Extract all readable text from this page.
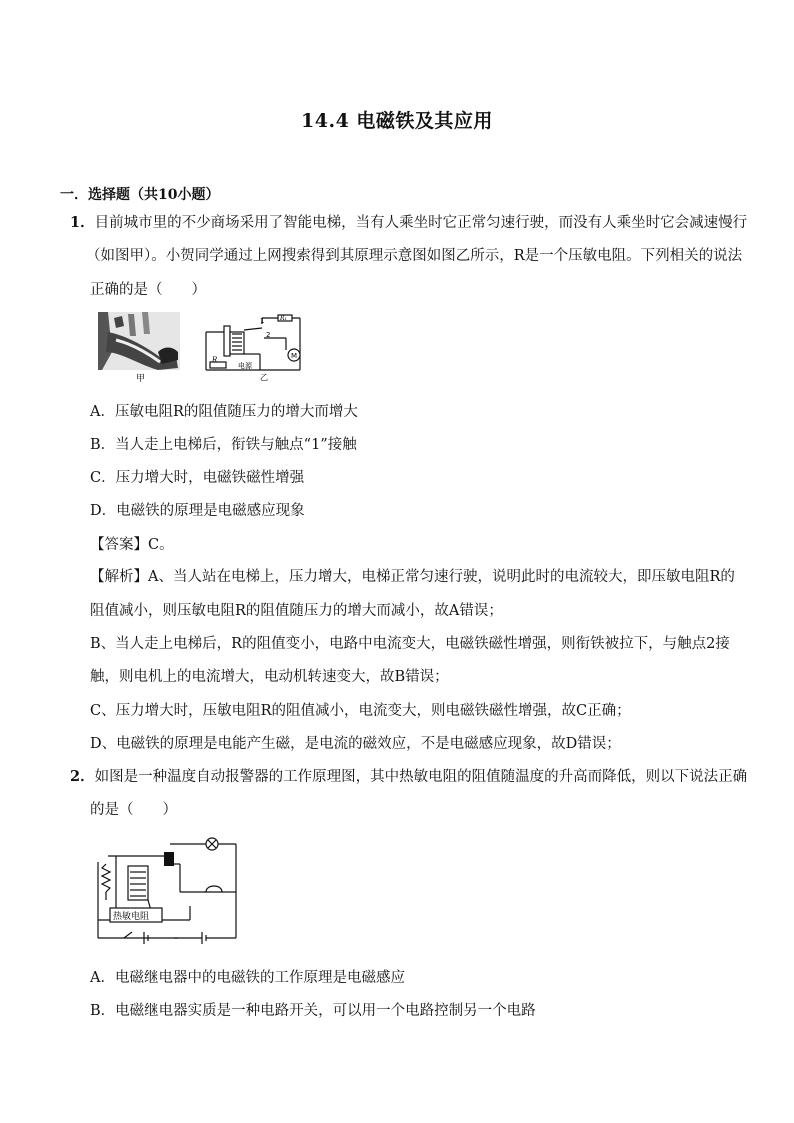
14.4 电磁铁及其应用
一．选择题（共10小题）
1．目前城市里的不少商场采用了智能电梯，当有人乘坐时它正常匀速行驶，而没有人乘坐时它会减速慢行
（如图甲）。小贺同学通过上网搜索得到其原理示意图如图乙所示，R是一个压敏电阻。下列相关的说法
正确的是（　　）
甲
1
2
R₁
M
R
电源
乙
A．压敏电阻R的阻值随压力的增大而增大
B．当人走上电梯后，衔铁与触点“1”接触
C．压力增大时，电磁铁磁性增强
D．电磁铁的原理是电磁感应现象
【答案】C。
【解析】A、当人站在电梯上，压力增大，电梯正常匀速行驶，说明此时的电流较大，即压敏电阻R的
阻值减小，则压敏电阻R的阻值随压力的增大而减小，故A错误；
B、当人走上电梯后，R的阻值变小，电路中电流变大，电磁铁磁性增强，则衔铁被拉下，与触点2接
触，则电机上的电流增大，电动机转速变大，故B错误；
C、压力增大时，压敏电阻R的阻值减小，电流变大，则电磁铁磁性增强，故C正确；
D、电磁铁的原理是电能产生磁，是电流的磁效应，不是电磁感应现象，故D错误；
2．如图是一种温度自动报警器的工作原理图，其中热敏电阻的阻值随温度的升高而降低，则以下说法正确
的是（　　）
热敏电阻
A．电磁继电器中的电磁铁的工作原理是电磁感应
B．电磁继电器实质是一种电路开关，可以用一个电路控制另一个电路
